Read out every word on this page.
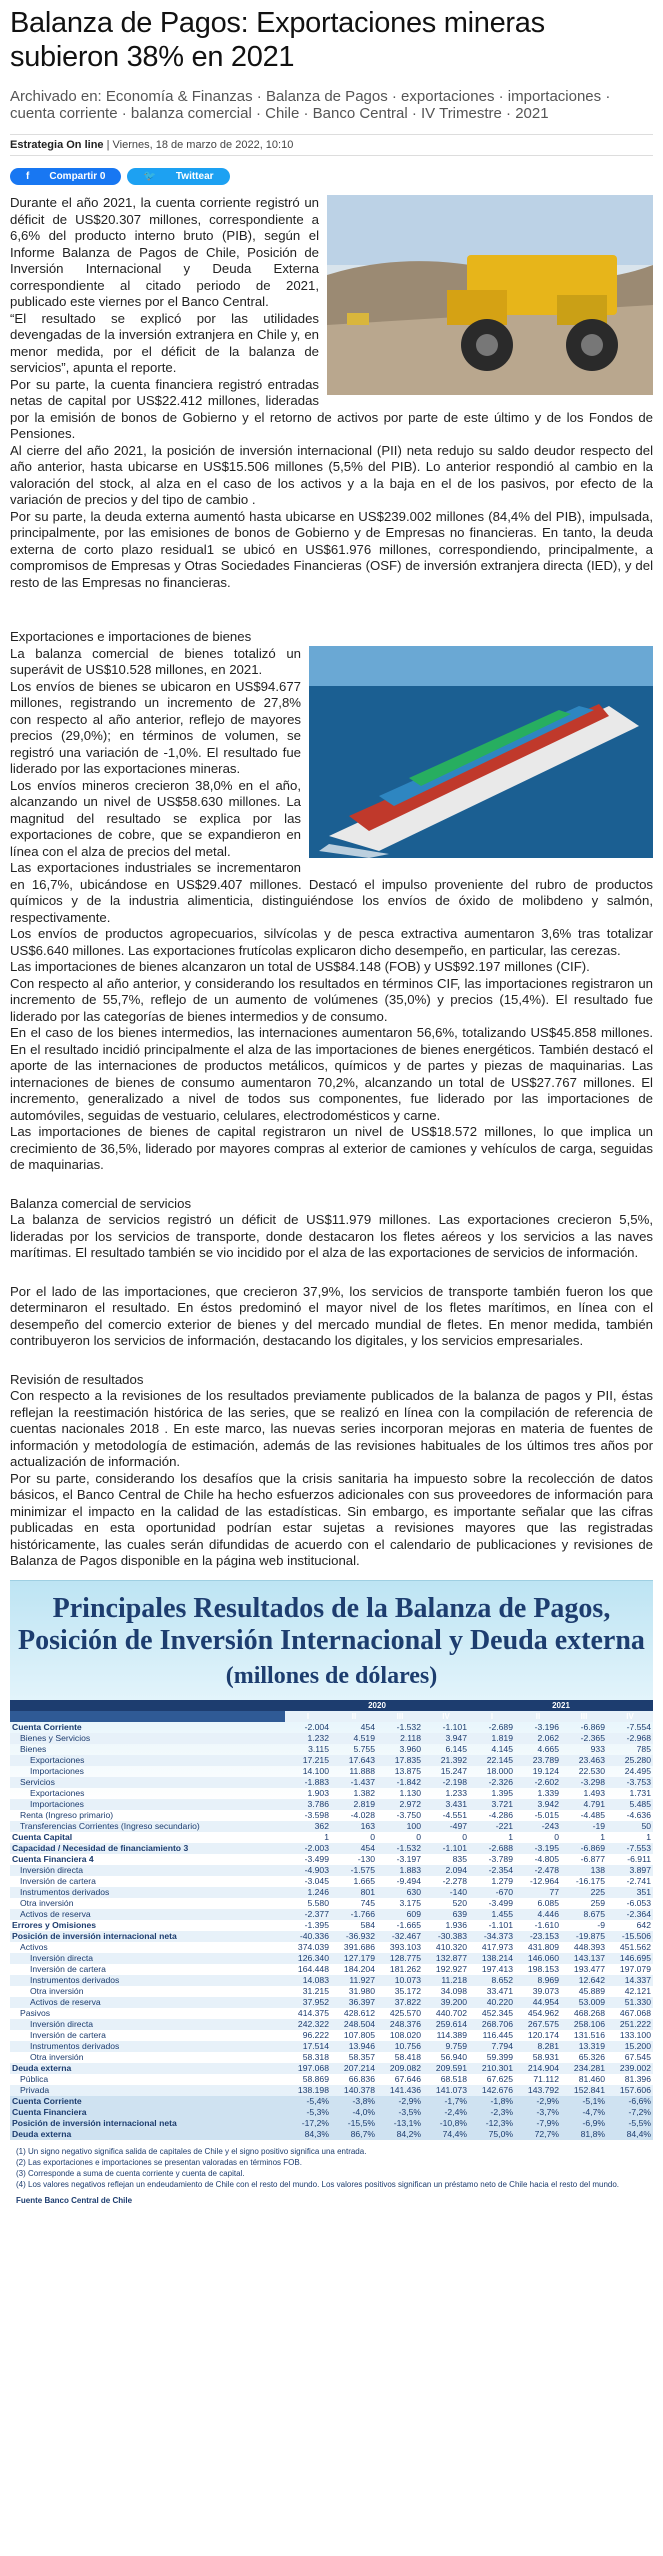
Balanza de Pagos: Exportaciones mineras subieron 38% en 2021
Archivado en: Economía & Finanzas · Balanza de Pagos · exportaciones · importaciones · cuenta corriente · balanza comercial · Chile · Banco Central · IV Trimestre · 2021
Estrategia On line | Viernes, 18 de marzo de 2022, 10:10
f	Compartir 0	🐦	Twittear

Durante el año 2021, la cuenta corriente registró un déficit de US$20.307 millones, correspondiente a 6,6% del producto interno bruto (PIB), según el Informe Balanza de Pagos de Chile, Posición de Inversión Internacional y Deuda Externa correspondiente al citado periodo de 2021, publicado este viernes por el Banco Central.

“El resultado se explicó por las utilidades devengadas de la inversión extranjera en Chile y, en menor medida, por el déficit de la balanza de servicios”, apunta el reporte.

Por su parte, la cuenta financiera registró entradas netas de capital por US$22.412 millones, lideradas por la emisión de bonos de Gobierno y el retorno de activos por parte de este último y de los Fondos de Pensiones.

Al cierre del año 2021, la posición de inversión internacional (PII) neta redujo su saldo deudor respecto del año anterior, hasta ubicarse en US$15.506 millones (5,5% del PIB). Lo anterior respondió al cambio en la valoración del stock, al alza en el caso de los activos y a la baja en el de los pasivos, por efecto de la variación de precios y del tipo de cambio .

Por su parte, la deuda externa aumentó hasta ubicarse en US$239.002 millones (84,4% del PIB), impulsada, principalmente, por las emisiones de bonos de Gobierno y de Empresas no financieras. En tanto, la deuda externa de corto plazo residual1 se ubicó en US$61.976 millones, correspondiendo, principalmente, a compromisos de Empresas y Otras Sociedades Financieras (OSF) de inversión extranjera directa (IED), y del resto de las Empresas no financieras.

Exportaciones e importaciones de bienes

La balanza comercial de bienes totalizó un superávit de US$10.528 millones, en 2021.

Los envíos de bienes se ubicaron en US$94.677 millones, registrando un incremento de 27,8% con respecto al año anterior, reflejo de mayores precios (29,0%); en términos de volumen, se registró una variación de -1,0%. El resultado fue liderado por las exportaciones mineras.

Los envíos mineros crecieron 38,0% en el año, alcanzando un nivel de US$58.630 millones. La magnitud del resultado se explica por las exportaciones de cobre, que se expandieron en línea con el alza de precios del metal.

Las exportaciones industriales se incrementaron en 16,7%, ubicándose en US$29.407 millones. Destacó el impulso proveniente del rubro de productos químicos y de la industria alimenticia, distinguiéndose los envíos de óxido de molibdeno y salmón, respectivamente.

Los envíos de productos agropecuarios, silvícolas y de pesca extractiva aumentaron 3,6% tras totalizar US$6.640 millones. Las exportaciones frutícolas explicaron dicho desempeño, en particular, las cerezas.

Las importaciones de bienes alcanzaron un total de US$84.148 (FOB) y US$92.197 millones (CIF).

Con respecto al año anterior, y considerando los resultados en términos CIF, las importaciones registraron un incremento de 55,7%, reflejo de un aumento de volúmenes (35,0%) y precios (15,4%). El resultado fue liderado por las categorías de bienes intermedios y de consumo.

En el caso de los bienes intermedios, las internaciones aumentaron 56,6%, totalizando US$45.858 millones. En el resultado incidió principalmente el alza de las importaciones de bienes energéticos. También destacó el aporte de las internaciones de productos metálicos, químicos y de partes y piezas de maquinarias. Las internaciones de bienes de consumo aumentaron 70,2%, alcanzando un total de US$27.767 millones. El incremento, generalizado a nivel de todos sus componentes, fue liderado por las importaciones de automóviles, seguidas de vestuario, celulares, electrodomésticos y carne.

Las importaciones de bienes de capital registraron un nivel de US$18.572 millones, lo que implica un crecimiento de 36,5%, liderado por mayores compras al exterior de camiones y vehículos de carga, seguidas de maquinarias.

Balanza comercial de servicios

La balanza de servicios registró un déficit de US$11.979 millones. Las exportaciones crecieron 5,5%, lideradas por los servicios de transporte, donde destacaron los fletes aéreos y los servicios a las naves marítimas. El resultado también se vio incidido por el alza de las exportaciones de servicios de información.

Por el lado de las importaciones, que crecieron 37,9%, los servicios de transporte también fueron los que determinaron el resultado. En éstos predominó el mayor nivel de los fletes marítimos, en línea con el desempeño del comercio exterior de bienes y del mercado mundial de fletes. En menor medida, también contribuyeron los servicios de información, destacando los digitales, y los servicios empresariales.

Revisión de resultados

Con respecto a la revisiones de los resultados previamente publicados de la balanza de pagos y PII, éstas reflejan la reestimación histórica de las series, que se realizó en línea con la compilación de referencia de cuentas nacionales 2018 . En este marco, las nuevas series incorporan mejoras en materia de fuentes de información y metodología de estimación, además de las revisiones habituales de los últimos tres años por actualización de información.

Por su parte, considerando los desafíos que la crisis sanitaria ha impuesto sobre la recolección de datos básicos, el Banco Central de Chile ha hecho esfuerzos adicionales con sus proveedores de información para minimizar el impacto en la calidad de las estadísticas. Sin embargo, es importante señalar que las cifras publicadas en esta oportunidad podrían estar sujetas a revisiones mayores que las registradas históricamente, las cuales serán difundidas de acuerdo con el calendario de publicaciones y revisiones de Balanza de Pagos disponible en la página web institucional.

Principales Resultados de la Balanza de Pagos,
Posición de Inversión Internacional y Deuda externa
(millones de dólares)
	2020				2021			
	I	II	III	IV	I	II	III	IV
Cuenta Corriente	-2.004	454	-1.532	-1.101	-2.689	-3.196	-6.869	-7.554
Bienes y Servicios	1.232	4.519	2.118	3.947	1.819	2.062	-2.365	-2.968
Bienes	3.115	5.755	3.960	6.145	4.145	4.665	933	785
Exportaciones	17.215	17.643	17.835	21.392	22.145	23.789	23.463	25.280
Importaciones	14.100	11.888	13.875	15.247	18.000	19.124	22.530	24.495
Servicios	-1.883	-1.437	-1.842	-2.198	-2.326	-2.602	-3.298	-3.753
Exportaciones	1.903	1.382	1.130	1.233	1.395	1.339	1.493	1.731
Importaciones	3.786	2.819	2.972	3.431	3.721	3.942	4.791	5.485
Renta (Ingreso primario)	-3.598	-4.028	-3.750	-4.551	-4.286	-5.015	-4.485	-4.636
Transferencias Corrientes (Ingreso secundario)	362	163	100	-497	-221	-243	-19	50
Cuenta Capital	1	0	0	0	1	0	1	1
Capacidad / Necesidad de financiamiento 3	-2.003	454	-1.532	-1.101	-2.688	-3.195	-6.869	-7.553
Cuenta Financiera 4	-3.499	-130	-3.197	835	-3.789	-4.805	-6.877	-6.911
Inversión directa	-4.903	-1.575	1.883	2.094	-2.354	-2.478	138	3.897
Inversión de cartera	-3.045	1.665	-9.494	-2.278	1.279	-12.964	-16.175	-2.741
Instrumentos derivados	1.246	801	630	-140	-670	77	225	351
Otra inversión	5.580	745	3.175	520	-3.499	6.085	259	-6.053
Activos de reserva	-2.377	-1.766	609	639	1.455	4.446	8.675	-2.364
Errores y Omisiones	-1.395	584	-1.665	1.936	-1.101	-1.610	-9	642
Posición de inversión internacional neta	-40.336	-36.932	-32.467	-30.383	-34.373	-23.153	-19.875	-15.506
Activos	374.039	391.686	393.103	410.320	417.973	431.809	448.393	451.562
Inversión directa	126.340	127.179	128.775	132.877	138.214	146.060	143.137	146.695
Inversión de cartera	164.448	184.204	181.262	192.927	197.413	198.153	193.477	197.079
Instrumentos derivados	14.083	11.927	10.073	11.218	8.652	8.969	12.642	14.337
Otra inversión	31.215	31.980	35.172	34.098	33.471	39.073	45.889	42.121
Activos de reserva	37.952	36.397	37.822	39.200	40.220	44.954	53.009	51.330
Pasivos	414.375	428.612	425.570	440.702	452.345	454.962	468.268	467.068
Inversión directa	242.322	248.504	248.376	259.614	268.706	267.575	258.106	251.222
Inversión de cartera	96.222	107.805	108.020	114.389	116.445	120.174	131.516	133.100
Instrumentos derivados	17.514	13.946	10.756	9.759	7.794	8.281	13.319	15.200
Otra inversión	58.318	58.357	58.418	56.940	59.399	58.931	65.326	67.545
Deuda externa	197.068	207.214	209.082	209.591	210.301	214.904	234.281	239.002
Pública	58.869	66.836	67.646	68.518	67.625	71.112	81.460	81.396
Privada	138.198	140.378	141.436	141.073	142.676	143.792	152.841	157.606
Cuenta Corriente	-5,4%	-3,8%	-2,9%	-1,7%	-1,8%	-2,9%	-5,1%	-6,6%
Cuenta Financiera	-5,3%	-4,0%	-3,5%	-2,4%	-2,3%	-3,7%	-4,7%	-7,2%
Posición de inversión internacional neta	-17,2%	-15,5%	-13,1%	-10,8%	-12,3%	-7,9%	-6,9%	-5,5%
Deuda externa	84,3%	86,7%	84,2%	74,4%	75,0%	72,7%	81,8%	84,4%
(1) Un signo negativo significa salida de capitales de Chile y el signo positivo significa una entrada.
(2) Las exportaciones e importaciones se presentan valoradas en términos FOB.
(3) Corresponde a suma de cuenta corriente y cuenta de capital.
(4) Los valores negativos reflejan un endeudamiento de Chile con el resto del mundo. Los valores positivos significan un préstamo neto de Chile hacia el resto del mundo.
Fuente Banco Central de Chile
